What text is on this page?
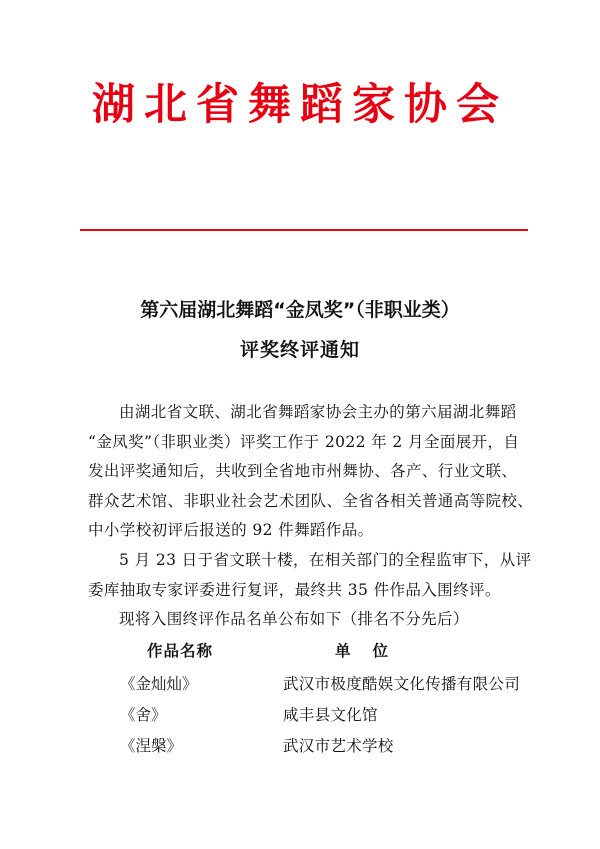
湖北省舞蹈家协会
第六届湖北舞蹈“金凤奖”（非职业类）
评奖终评通知
由湖北省文联、湖北省舞蹈家协会主办的第六届湖北舞蹈
“金凤奖”（非职业类）评奖工作于 2022 年 2 月全面展开，自
发出评奖通知后，共收到全省地市州舞协、各产、行业文联、
群众艺术馆、非职业社会艺术团队、全省各相关普通高等院校、
中小学校初评后报送的 92 件舞蹈作品。
5 月 23 日于省文联十楼，在相关部门的全程监审下，从评
委库抽取专家评委进行复评，最终共 35 件作品入围终评。
现将入围终评作品名单公布如下（排名不分先后）
作品名称	单位
《金灿灿》	武汉市极度酷娱文化传播有限公司
《舍》	咸丰县文化馆
《涅槃》	武汉市艺术学校
